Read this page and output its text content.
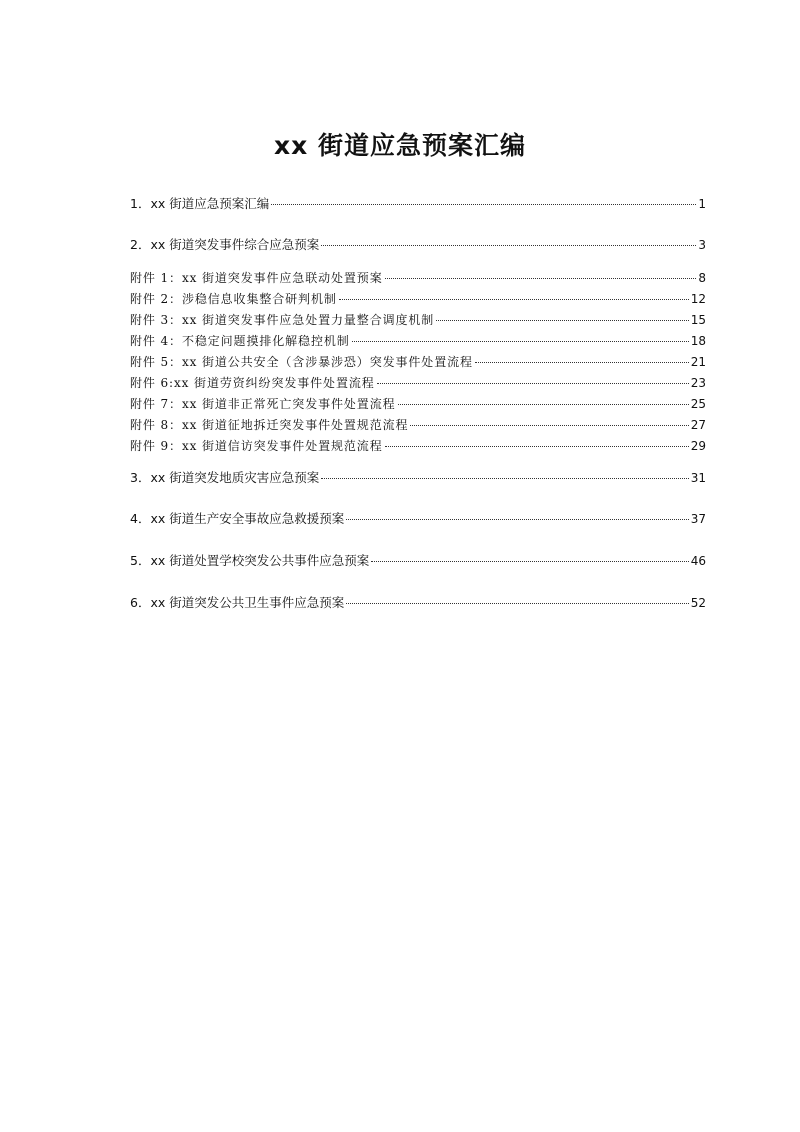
xx 街道应急预案汇编
1．xx 街道应急预案汇编	1
2．xx 街道突发事件综合应急预案	3
附件 1：xx 街道突发事件应急联动处置预案	8
附件 2：涉稳信息收集整合研判机制	12
附件 3：xx 街道突发事件应急处置力量整合调度机制	15
附件 4：不稳定问题摸排化解稳控机制	18
附件 5：xx 街道公共安全（含涉暴涉恐）突发事件处置流程	21
附件 6:xx 街道劳资纠纷突发事件处置流程	23
附件 7：xx 街道非正常死亡突发事件处置流程	25
附件 8：xx 街道征地拆迁突发事件处置规范流程	27
附件 9：xx 街道信访突发事件处置规范流程	29
3．xx 街道突发地质灾害应急预案	31
4．xx 街道生产安全事故应急救援预案	37
5．xx 街道处置学校突发公共事件应急预案	46
6．xx 街道突发公共卫生事件应急预案	52
